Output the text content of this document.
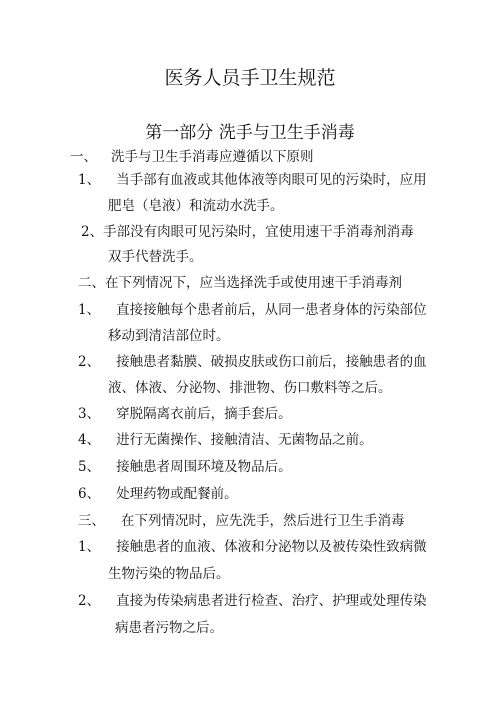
医务人员手卫生规范
第一部分 洗手与卫生手消毒
一、 洗手与卫生手消毒应遵循以下原则
1、 当手部有血液或其他体液等肉眼可见的污染时，应用
肥皂（皂液）和流动水洗手。
2、手部没有肉眼可见污染时，宜使用速干手消毒剂消毒
双手代替洗手。
二、在下列情况下，应当选择洗手或使用速干手消毒剂
1、 直接接触每个患者前后，从同一患者身体的污染部位
移动到清洁部位时。
2、 接触患者黏膜、破损皮肤或伤口前后，接触患者的血
液、体液、分泌物、排泄物、伤口敷料等之后。
3、 穿脱隔离衣前后，摘手套后。
4、 进行无菌操作、接触清洁、无菌物品之前。
5、 接触患者周围环境及物品后。
6、 处理药物或配餐前。
三、 在下列情况时，应先洗手，然后进行卫生手消毒
1、 接触患者的血液、体液和分泌物以及被传染性致病微
生物污染的物品后。
2、 直接为传染病患者进行检查、治疗、护理或处理传染
病患者污物之后。
